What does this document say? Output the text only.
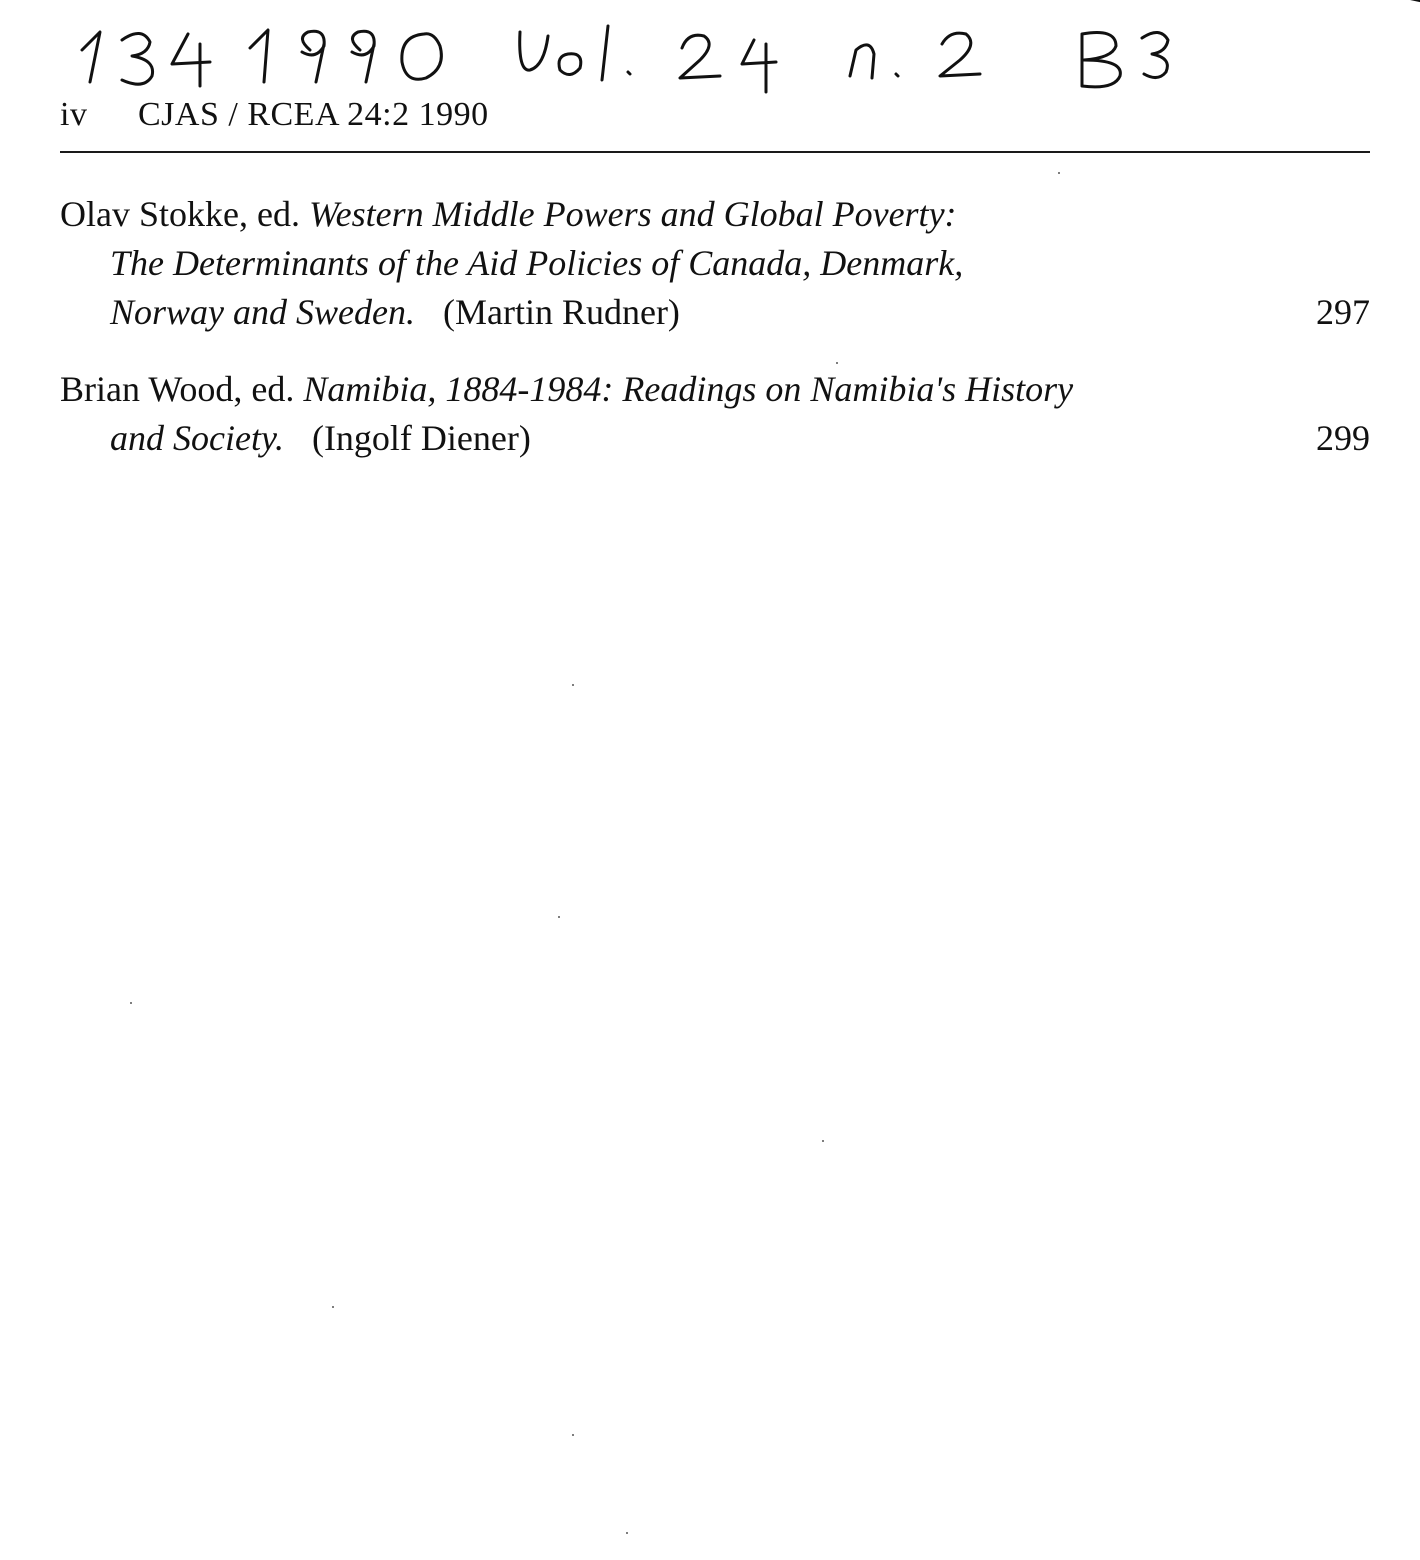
iv CJAS / RCEA 24:2 1990
Olav Stokke, ed. Western Middle Powers and Global Poverty:
The Determinants of the Aid Policies of Canada, Denmark,
Norway and Sweden. (Martin Rudner)	297
Brian Wood, ed. Namibia, 1884-1984: Readings on Namibia's History
and Society. (Ingolf Diener)	299
